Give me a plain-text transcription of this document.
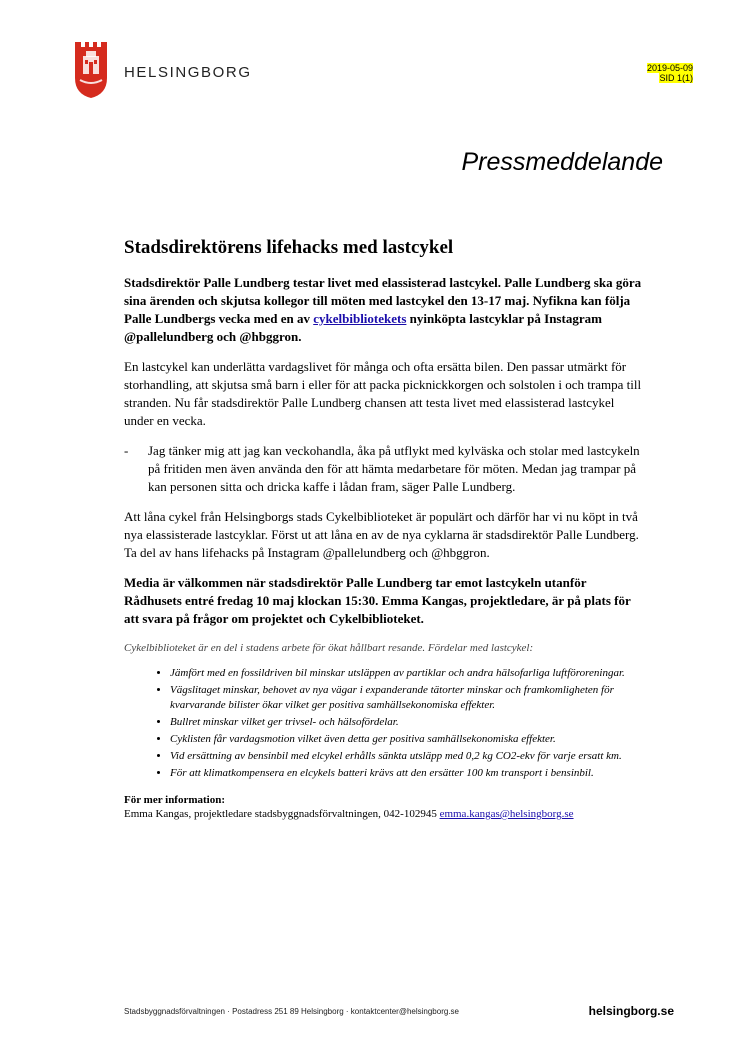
HELSINGBORG	2019-05-09
SID 1(1)
Pressmeddelande
Stadsdirektörens lifehacks med lastcykel

Stadsdirektör Palle Lundberg testar livet med elassisterad lastcykel. Palle Lundberg ska göra sina ärenden och skjutsa kollegor till möten med lastcykel den 13-17 maj. Nyfikna kan följa Palle Lundbergs vecka med en av cykelbibliotekets nyinköpta lastcyklar på Instagram @pallelundberg och @hbggron.

En lastcykel kan underlätta vardagslivet för många och ofta ersätta bilen. Den passar utmärkt för storhandling, att skjutsa små barn i eller för att packa picknickkorgen och solstolen i och trampa till stranden. Nu får stadsdirektör Palle Lundberg chansen att testa livet med elassisterad lastcykel under en vecka.

- Jag tänker mig att jag kan veckohandla, åka på utflykt med kylväska och stolar med lastcykeln på fritiden men även använda den för att hämta medarbetare för möten. Medan jag trampar på kan personen sitta och dricka kaffe i lådan fram, säger Palle Lundberg.

Att låna cykel från Helsingborgs stads Cykelbiblioteket är populärt och därför har vi nu köpt in två nya elassisterade lastcyklar. Först ut att låna en av de nya cyklarna är stadsdirektör Palle Lundberg. Ta del av hans lifehacks på Instagram @pallelundberg och @hbggron.

Media är välkommen när stadsdirektör Palle Lundberg tar emot lastcykeln utanför Rådhusets entré fredag 10 maj klockan 15:30. Emma Kangas, projektledare, är på plats för att svara på frågor om projektet och Cykelbiblioteket.

Cykelbiblioteket är en del i stadens arbete för ökat hållbart resande. Fördelar med lastcykel:

• Jämfört med en fossildriven bil minskar utsläppen av partiklar och andra hälsofarliga luftföroreningar.
• Vägslitaget minskar, behovet av nya vägar i expanderande tätorter minskar och framkomligheten för kvarvarande bilister ökar vilket ger positiva samhällsekonomiska effekter.
• Bullret minskar vilket ger trivsel- och hälsofördelar.
• Cyklisten får vardagsmotion vilket även detta ger positiva samhällsekonomiska effekter.
• Vid ersättning av bensinbil med elcykel erhålls sänkta utsläpp med 0,2 kg CO2-ekv för varje ersatt km.
• För att klimatkompensera en elcykels batteri krävs att den ersätter 100 km transport i bensinbil.
För mer information:
Emma Kangas, projektledare stadsbyggnadsförvaltningen, 042-102945 emma.kangas@helsingborg.se
Stadsbyggnadsförvaltningen · Postadress 251 89 Helsingborg · kontaktcenter@helsingborg.se	helsingborg.se
